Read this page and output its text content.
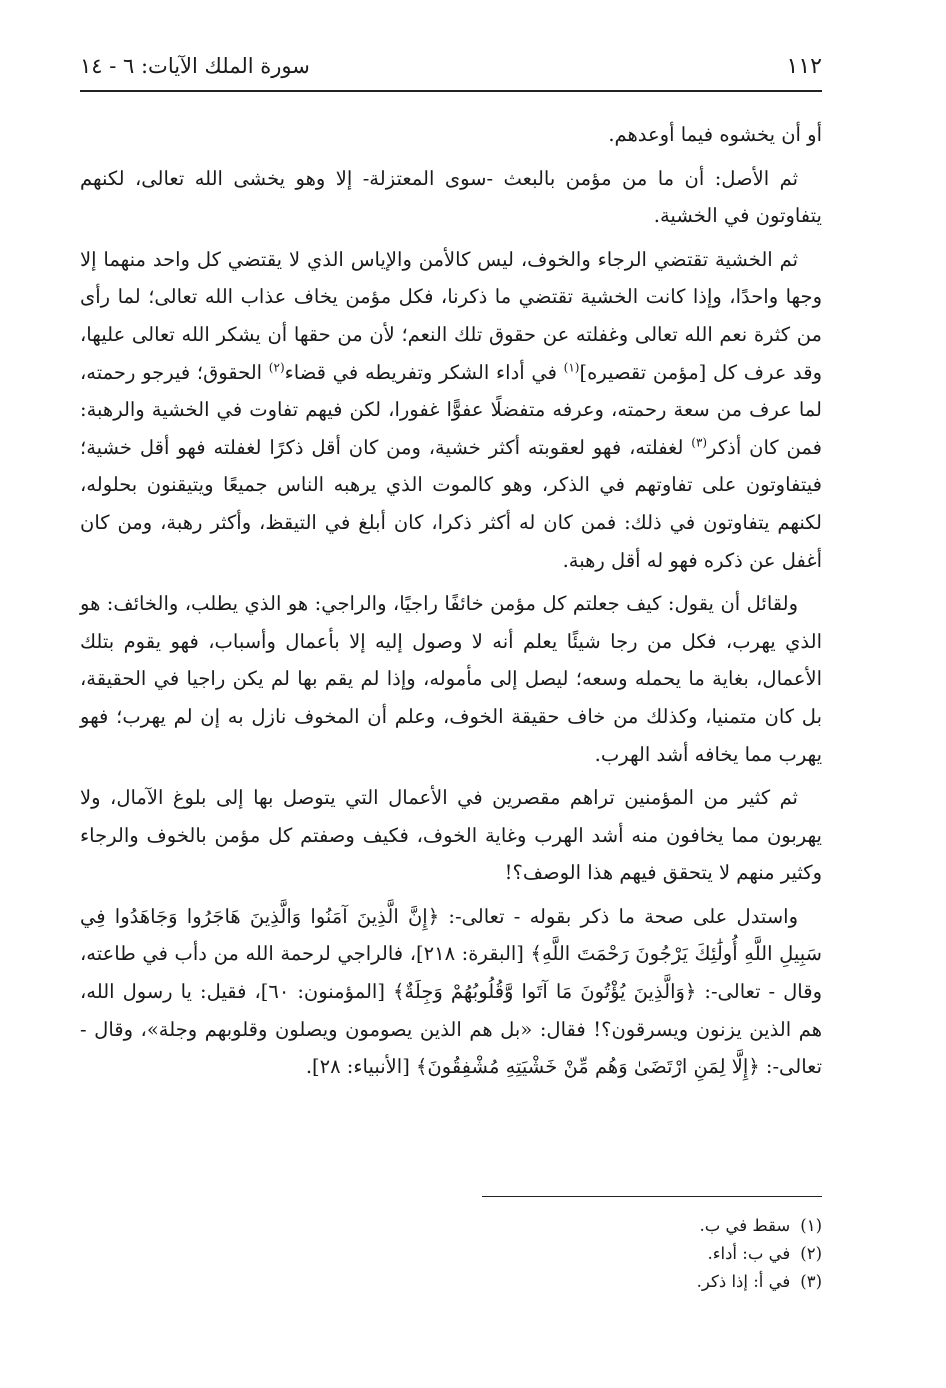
١١٢
سورة الملك الآيات: ٦ - ١٤

أو أن يخشوه فيما أوعدهم.

ثم الأصل: أن ما من مؤمن بالبعث -سوى المعتزلة- إلا وهو يخشى الله تعالى، لكنهم يتفاوتون في الخشية.

ثم الخشية تقتضي الرجاء والخوف، ليس كالأمن والإياس الذي لا يقتضي كل واحد منهما إلا وجها واحدًا، وإذا كانت الخشية تقتضي ما ذكرنا، فكل مؤمن يخاف عذاب الله تعالى؛ لما رأى من كثرة نعم الله تعالى وغفلته عن حقوق تلك النعم؛ لأن من حقها أن يشكر الله تعالى عليها، وقد عرف كل [مؤمن تقصيره]$^{(١)}$ في أداء الشكر وتفريطه في قضاء$^{(٢)}$ الحقوق؛ فيرجو رحمته، لما عرف من سعة رحمته، وعرفه متفضلًا عفوًّا غفورا، لكن فيهم تفاوت في الخشية والرهبة: فمن كان أذكر$^{(٣)}$ لغفلته، فهو لعقوبته أكثر خشية، ومن كان أقل ذكرًا لغفلته فهو أقل خشية؛ فيتفاوتون على تفاوتهم في الذكر، وهو كالموت الذي يرهبه الناس جميعًا ويتيقنون بحلوله، لكنهم يتفاوتون في ذلك: فمن كان له أكثر ذكرا، كان أبلغ في التيقظ، وأكثر رهبة، ومن كان أغفل عن ذكره فهو له أقل رهبة.

ولقائل أن يقول: كيف جعلتم كل مؤمن خائفًا راجيًا، والراجي: هو الذي يطلب، والخائف: هو الذي يهرب، فكل من رجا شيئًا يعلم أنه لا وصول إليه إلا بأعمال وأسباب، فهو يقوم بتلك الأعمال، بغاية ما يحمله وسعه؛ ليصل إلى مأموله، وإذا لم يقم بها لم يكن راجيا في الحقيقة، بل كان متمنيا، وكذلك من خاف حقيقة الخوف، وعلم أن المخوف نازل به إن لم يهرب؛ فهو يهرب مما يخافه أشد الهرب.

ثم كثير من المؤمنين تراهم مقصرين في الأعمال التي يتوصل بها إلى بلوغ الآمال، ولا يهربون مما يخافون منه أشد الهرب وغاية الخوف، فكيف وصفتم كل مؤمن بالخوف والرجاء وكثير منهم لا يتحقق فيهم هذا الوصف؟!

واستدل على صحة ما ذكر بقوله - تعالى-: ﴿إِنَّ الَّذِينَ آمَنُوا وَالَّذِينَ هَاجَرُوا وَجَاهَدُوا فِي سَبِيلِ اللَّهِ أُولَٰئِكَ يَرْجُونَ رَحْمَتَ اللَّهِ﴾ [البقرة: ٢١٨]، فالراجي لرحمة الله من دأب في طاعته، وقال - تعالى-: ﴿وَالَّذِينَ يُؤْتُونَ مَا آتَوا وَّقُلُوبُهُمْ وَجِلَةٌ﴾ [المؤمنون: ٦٠]، فقيل: يا رسول الله، هم الذين يزنون ويسرقون؟! فقال: «بل هم الذين يصومون ويصلون وقلوبهم وجلة»، وقال - تعالى-: ﴿إِلَّا لِمَنِ ارْتَضَىٰ وَهُم مِّنْ خَشْيَتِهِ مُشْفِقُونَ﴾ [الأنبياء: ٢٨].

(١)سقط في ب.
(٢)في ب: أداء.
(٣)في أ: إذا ذكر.
